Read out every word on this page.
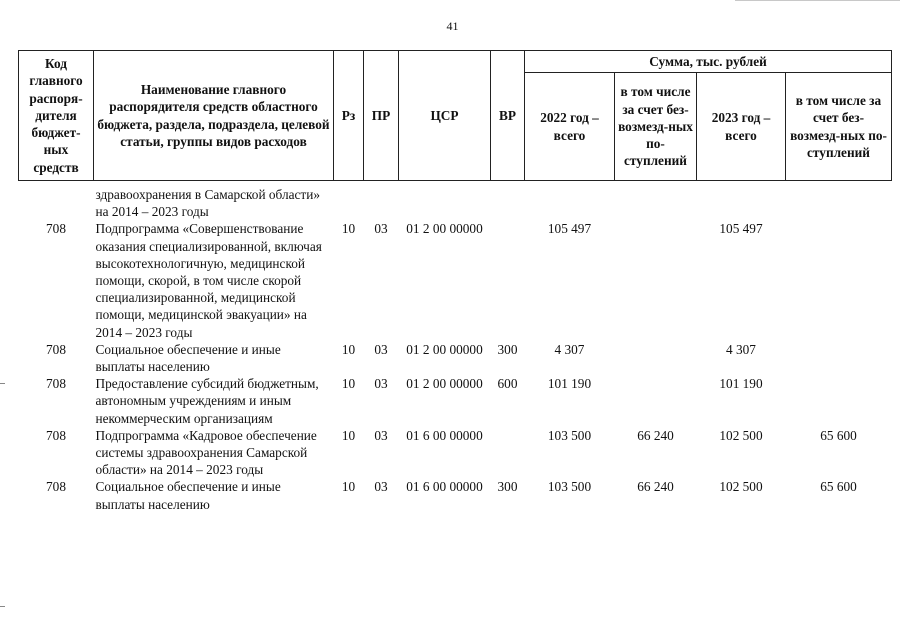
41
Код главного распоря-дителя бюджет-ных средств	Наименование главного распорядителя средств областного бюджета, раздела, подраздела, целевой статьи, группы видов расходов	Рз	ПР	ЦСР	ВР	Сумма, тыс. рублей			
						2022 год – всего	в том числе за счет без-возмезд-ных по-ступлений	2023 год – всего	в том числе за счет без-возмезд-ных по-ступлений
	здравоохранения в Самарской области» на 2014 – 2023 годы								
708	Подпрограмма «Совершенствование оказания специализированной, включая высокотехнологичную, медицинской помощи, скорой, в том числе скорой специализированной, медицинской помощи, медицинской эвакуации» на 2014 – 2023 годы	10	03	01 2 00 00000		105 497		105 497	
708	Социальное обеспечение и иные выплаты населению	10	03	01 2 00 00000	300	4 307		4 307	
708	Предоставление субсидий бюджетным, автономным учреждениям и иным некоммерческим организациям	10	03	01 2 00 00000	600	101 190		101 190	
708	Подпрограмма «Кадровое обеспечение системы здравоохранения Самарской области» на 2014 – 2023 годы	10	03	01 6 00 00000		103 500	66 240	102 500	65 600
708	Социальное обеспечение и иные выплаты населению	10	03	01 6 00 00000	300	103 500	66 240	102 500	65 600
